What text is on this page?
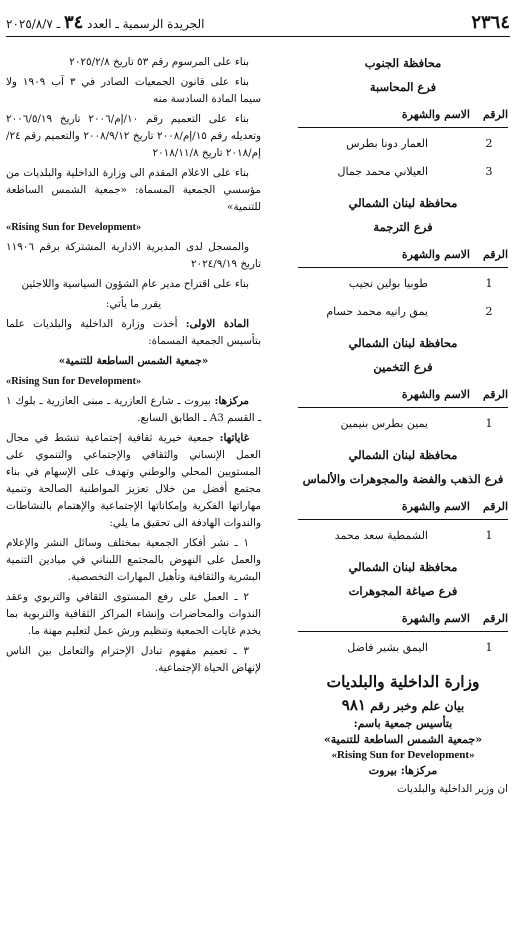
٢٣٦٤
الجريدة الرسمية ـ العدد ٣٤ ـ ٢٠٢٥/٨/٧
محافظة الجنوب
فرع المحاسبة
الرقم	الاسم والشهرة
2	العمار دونا بطرس
3	العيلاني محمد جمال
محافظة لبنان الشمالي
فرع الترجمة
الرقم	الاسم والشهرة
1	طوبيا بولين نجيب
2	يمق رانيه محمد حسام
محافظة لبنان الشمالي
فرع التخمين
الرقم	الاسم والشهرة
1	يمين بطرس بنيمين
محافظة لبنان الشمالي
فرع الذهب والفضة والمجوهرات والألماس
الرقم	الاسم والشهرة
1	الشمطية سعد محمد
محافظة لبنان الشمالي
فرع صياغة المجوهرات
الرقم	الاسم والشهرة
1	اليمق بشير فاضل
وزارة الداخلية والبلديات
بيان علم وخبر رقم ٩٨١
بتأسيس جمعية باسم:
«جمعية الشمس الساطعة للتنمية»
«Rising Sun for Development»
مركزها: بيروت
ان وزير الداخلية والبلديات

بناء على المرسوم رقم ٥٣ تاريخ ٢٠٢٥/٢/٨

بناء على قانون الجمعيات الصادر في ٣ آب ١٩٠٩ ولا سيما المادة السادسة منه

بناء على التعميم رقم ١٠/إم/٢٠٠٦ تاريخ ٢٠٠٦/٥/١٩ وتعديله رقم ١٥/إم/٢٠٠٨ تاريخ ٢٠٠٨/٩/١٢ والتعميم رقم ٢٤/إم/٢٠١٨ تاريخ ٢٠١٨/١١/٨

بناء على الاعلام المقدم الى وزارة الداخلية والبلديات من مؤسسي الجمعية المسماة: «جمعية الشمس الساطعة للتنمية»

«Rising Sun for Development»

والمسجل لدى المديرية الادارية المشتركة برقم ١١٩٠٦ تاريخ ٢٠٢٤/٩/١٩

بناء على اقتراح مدير عام الشؤون السياسية واللاجئين

يقرر ما يأتي:

المادة الاولى: أخذت وزارة الداخلية والبلديات علما بتأسيس الجمعية المسماة:

«جمعية الشمس الساطعة للتنمية»

«Rising Sun for Development»

مركزها: بيروت ـ شارع العازرية ـ مبنى العازرية ـ بلوك ١ ـ القسم A3 ـ الطابق السابع.

غاياتها: جمعية خيرية ثقافية إجتماعية تنشط في مجال العمل الإنساني والثقافي والإجتماعي والتنموي على المستويين المحلي والوطني وتهدف على الإسهام في بناء مجتمع أفضل من خلال تعزيز المواطنية الصالحة وتنمية مهاراتها الفكرية وإمكاناتها الإجتماعية والإهتمام بالنشاطات والندوات الهادفة الى تحقيق ما يلي:

١ ـ نشر أفكار الجمعية بمختلف وسائل النشر والإعلام والعمل على النهوض بالمجتمع اللبناني في ميادين التنمية البشرية والثقافية وتأهيل المهارات التخصصية.

٢ ـ العمل على رفع المستوى الثقافي والتربوي وعقد الندوات والمحاضرات وإنشاء المراكز الثقافية والتربوية بما يخدم غايات الجمعية وتنظيم ورش عمل لتعليم مهنة ما.

٣ ـ تعميم مفهوم تبادل الإحترام والتعامل بين الناس لإنهاض الحياة الإجتماعية.
